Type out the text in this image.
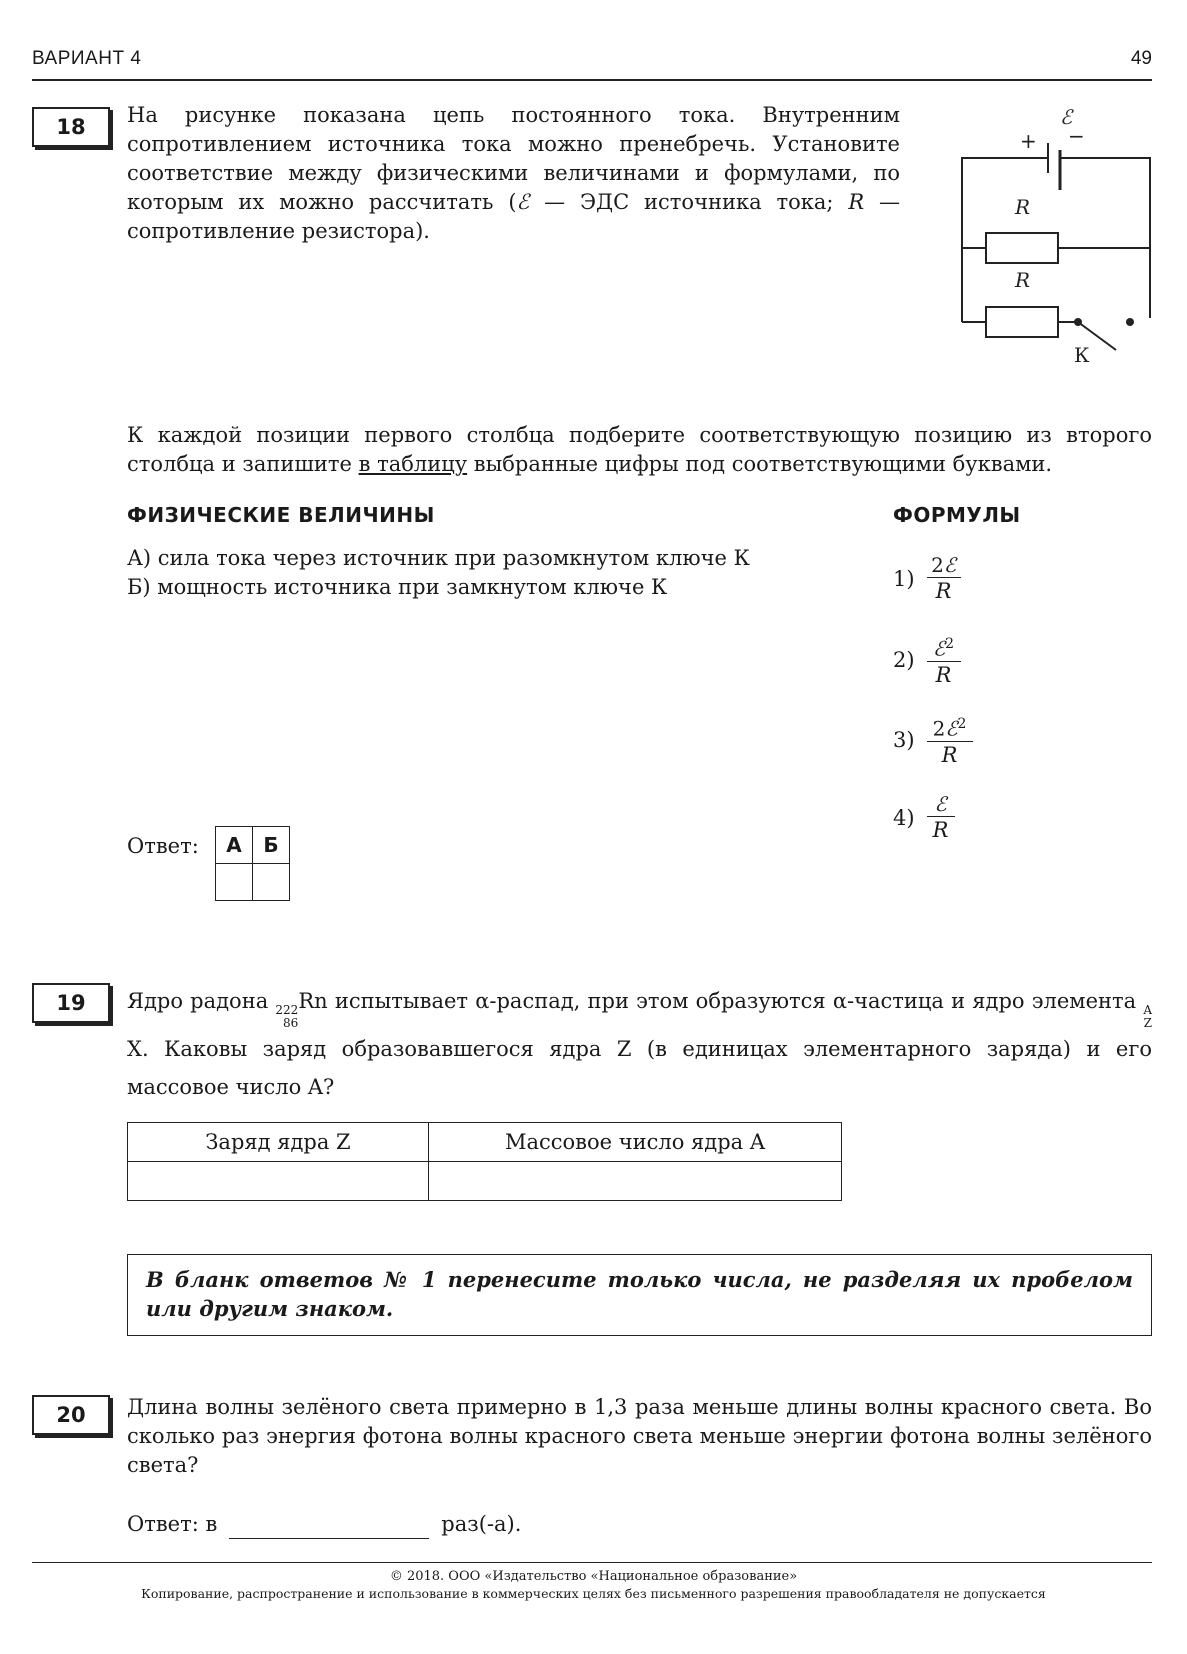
ВАРИАНТ 4	49
18 На рисунке показана цепь постоянного тока. Внутренним сопротивлением источника тока можно пренебречь. Установите соответствие между физическими величинами и формулами, по которым их можно рассчитать (ℰ — ЭДС источника тока; R — сопротивление резистора).
ℰ
+ −
R
R
К
К каждой позиции первого столбца подберите соответствующую позицию из второго столбца и запишите в таблицу выбранные цифры под соответствующими буквами.
ФИЗИЧЕСКИЕ ВЕЛИЧИНЫ	ФОРМУЛЫ
А) сила тока через источник при разомкнутом ключе К
Б) мощность источника при замкнутом ключе К	$1) \frac{\text{2ℰ}}{R}$
$2) \frac{ℰ^2}{R}$
$3) \frac{2ℰ^2}{R}$
$4) \frac{\text{ℰ}}{R}$
Ответ: А	Б

19 Ядро радона 222
86
Rn испытывает α-распад, при этом образуются α-частица и ядро элемента A
Z
X. Каковы заряд образовавшегося ядра Z (в единицах элементарного заряда) и его массовое число A?
Заряд ядра Z	Массовое число ядра A

В бланк ответов № 1 перенесите только числа, не разделяя их пробелом или другим знаком.
20 Длина волны зелёного света примерно в 1,3 раза меньше длины волны красного света. Во сколько раз энергия фотона волны красного света меньше энергии фотона волны зелёного света?
Ответ: в	раз(-а).
© 2018. ООО «Издательство «Национальное образование»
Копирование, распространение и использование в коммерческих целях без письменного разрешения правообладателя не допускается
